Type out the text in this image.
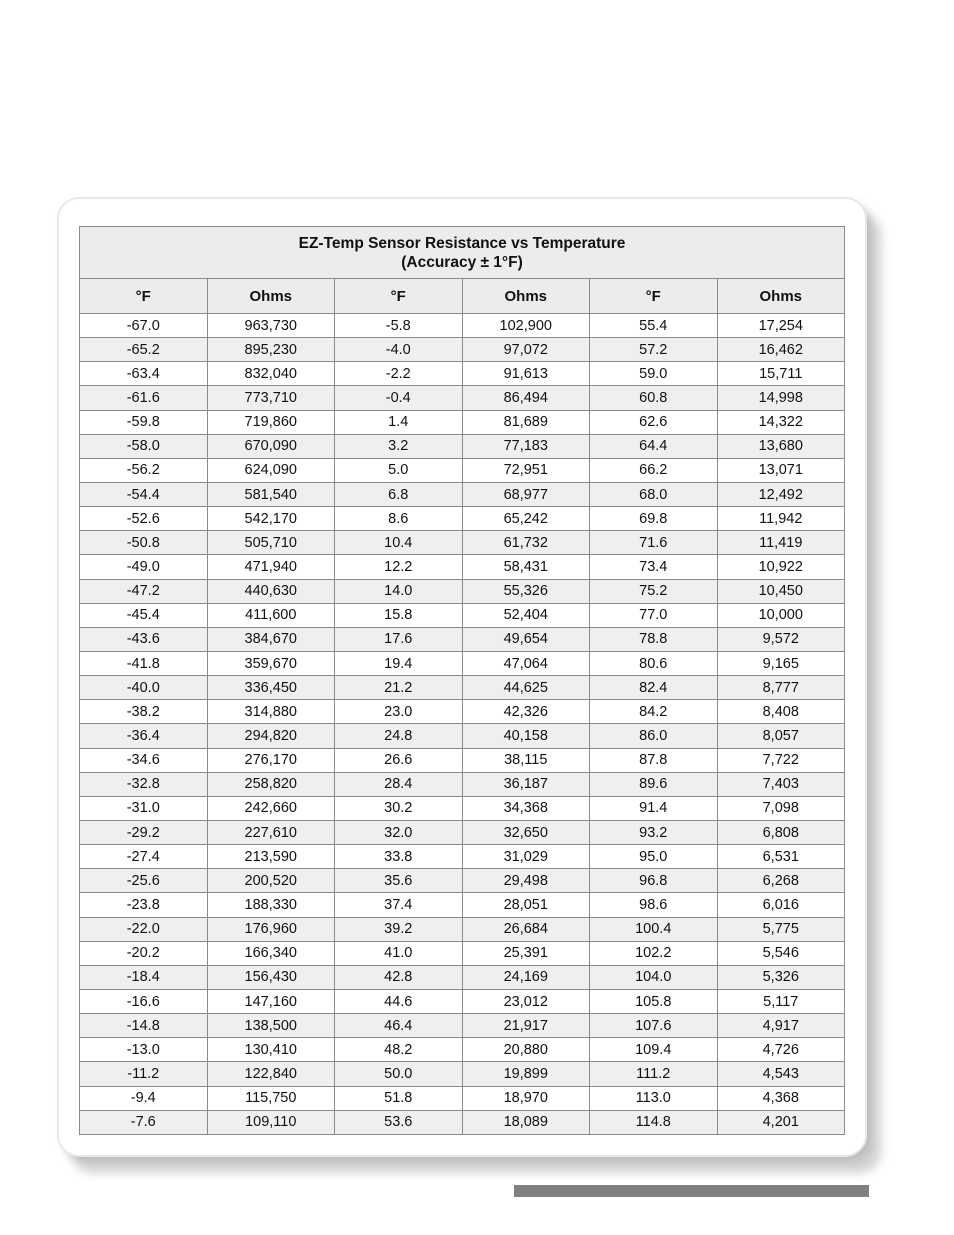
EZ-Temp Sensor Resistance vs Temperature
(Accuracy ± 1°F)					

°F	Ohms	°F	Ohms	°F	Ohms
-67.0	963,730	-5.8	102,900	55.4	17,254
-65.2	895,230	-4.0	97,072	57.2	16,462
-63.4	832,040	-2.2	91,613	59.0	15,711
-61.6	773,710	-0.4	86,494	60.8	14,998
-59.8	719,860	1.4	81,689	62.6	14,322
-58.0	670,090	3.2	77,183	64.4	13,680
-56.2	624,090	5.0	72,951	66.2	13,071
-54.4	581,540	6.8	68,977	68.0	12,492
-52.6	542,170	8.6	65,242	69.8	11,942
-50.8	505,710	10.4	61,732	71.6	11,419
-49.0	471,940	12.2	58,431	73.4	10,922
-47.2	440,630	14.0	55,326	75.2	10,450
-45.4	411,600	15.8	52,404	77.0	10,000
-43.6	384,670	17.6	49,654	78.8	9,572
-41.8	359,670	19.4	47,064	80.6	9,165
-40.0	336,450	21.2	44,625	82.4	8,777
-38.2	314,880	23.0	42,326	84.2	8,408
-36.4	294,820	24.8	40,158	86.0	8,057
-34.6	276,170	26.6	38,115	87.8	7,722
-32.8	258,820	28.4	36,187	89.6	7,403
-31.0	242,660	30.2	34,368	91.4	7,098
-29.2	227,610	32.0	32,650	93.2	6,808
-27.4	213,590	33.8	31,029	95.0	6,531
-25.6	200,520	35.6	29,498	96.8	6,268
-23.8	188,330	37.4	28,051	98.6	6,016
-22.0	176,960	39.2	26,684	100.4	5,775
-20.2	166,340	41.0	25,391	102.2	5,546
-18.4	156,430	42.8	24,169	104.0	5,326
-16.6	147,160	44.6	23,012	105.8	5,117
-14.8	138,500	46.4	21,917	107.6	4,917
-13.0	130,410	48.2	20,880	109.4	4,726
-11.2	122,840	50.0	19,899	111.2	4,543
-9.4	115,750	51.8	18,970	113.0	4,368
-7.6	109,110	53.6	18,089	114.8	4,201
